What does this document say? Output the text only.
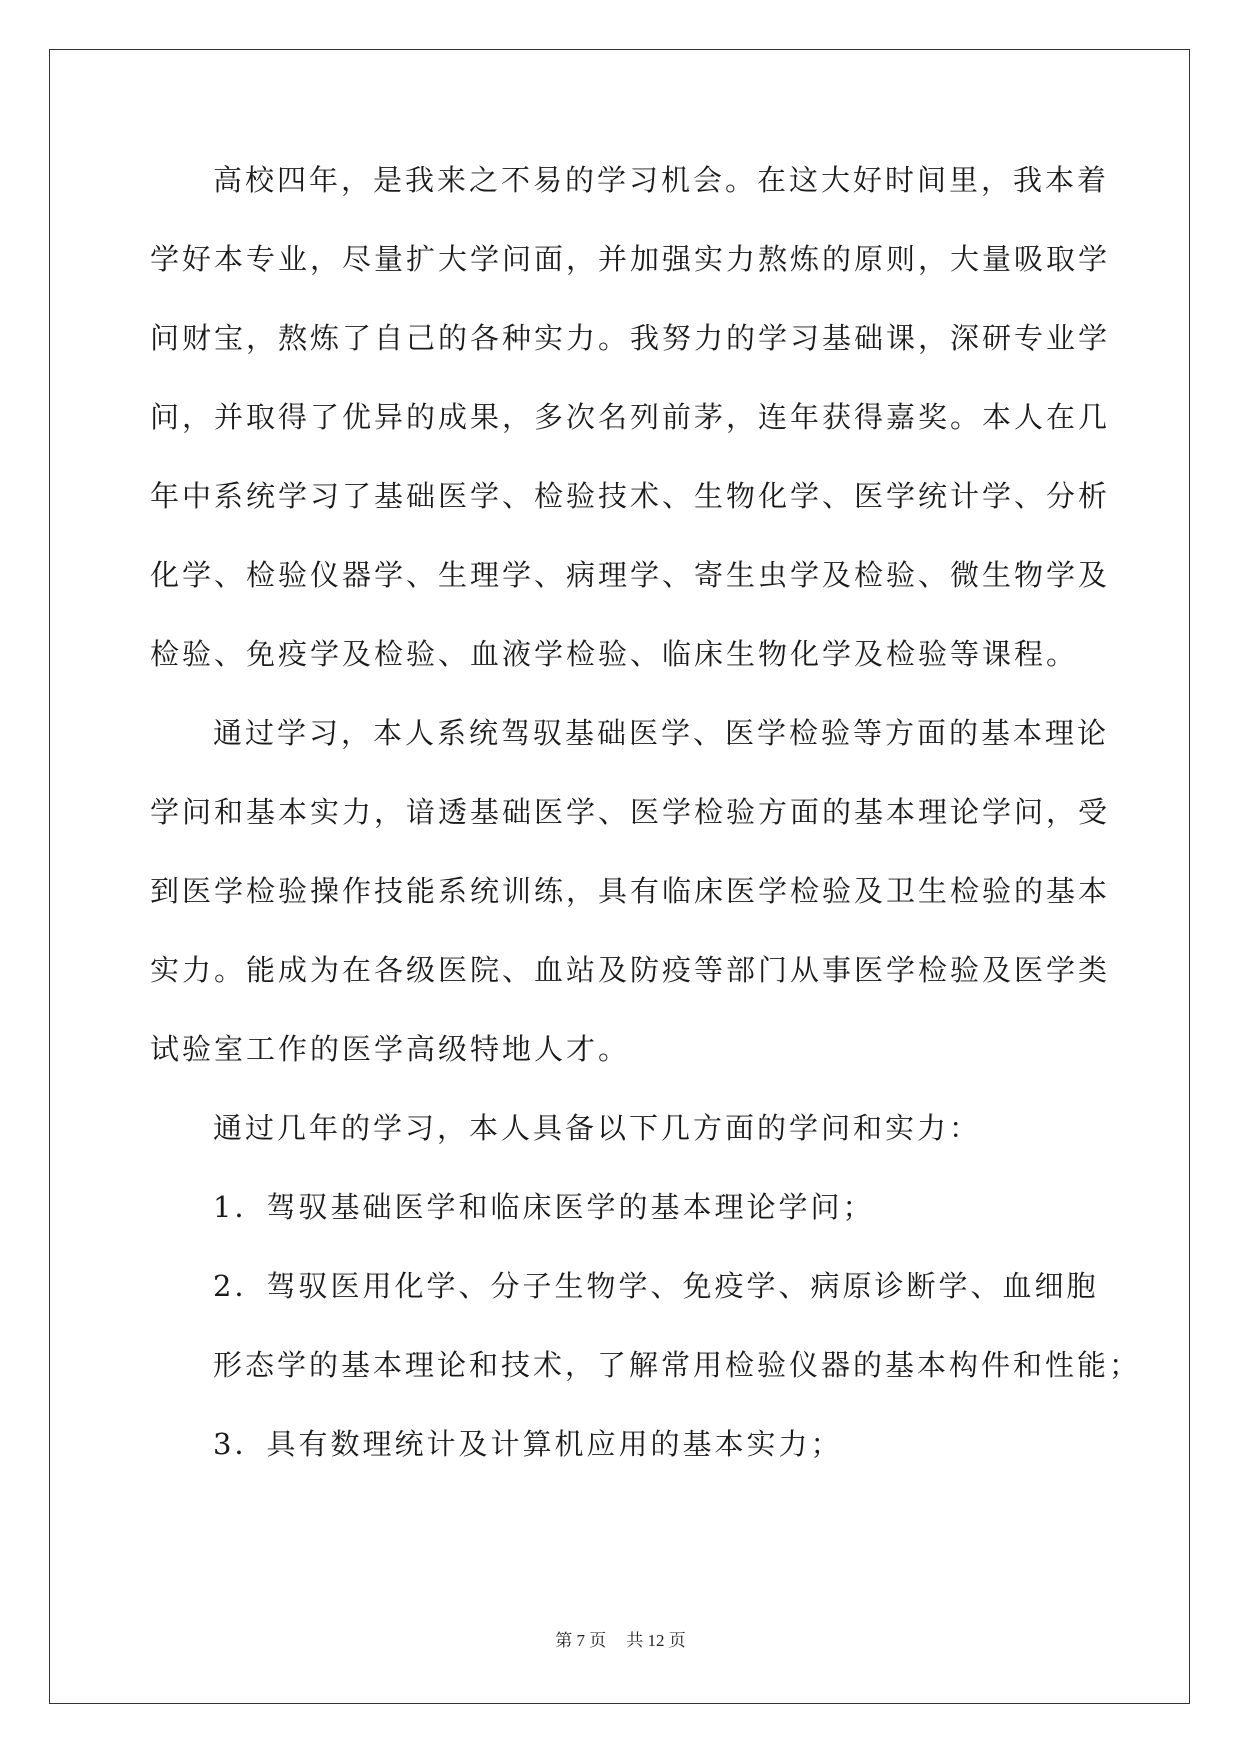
高校四年，是我来之不易的学习机会。在这大好时间里，我本着
学好本专业，尽量扩大学问面，并加强实力熬炼的原则，大量吸取学
问财宝，熬炼了自己的各种实力。我努力的学习基础课，深研专业学
问，并取得了优异的成果，多次名列前茅，连年获得嘉奖。本人在几
年中系统学习了基础医学、检验技术、生物化学、医学统计学、分析
化学、检验仪器学、生理学、病理学、寄生虫学及检验、微生物学及
检验、免疫学及检验、血液学检验、临床生物化学及检验等课程。
通过学习，本人系统驾驭基础医学、医学检验等方面的基本理论
学问和基本实力，谙透基础医学、医学检验方面的基本理论学问，受
到医学检验操作技能系统训练，具有临床医学检验及卫生检验的基本
实力。能成为在各级医院、血站及防疫等部门从事医学检验及医学类
试验室工作的医学高级特地人才。
通过几年的学习，本人具备以下几方面的学问和实力：
1．驾驭基础医学和临床医学的基本理论学问；
2．驾驭医用化学、分子生物学、免疫学、病原诊断学、血细胞
形态学的基本理论和技术，了解常用检验仪器的基本构件和性能；
3．具有数理统计及计算机应用的基本实力；
第 7 页 共 12 页
